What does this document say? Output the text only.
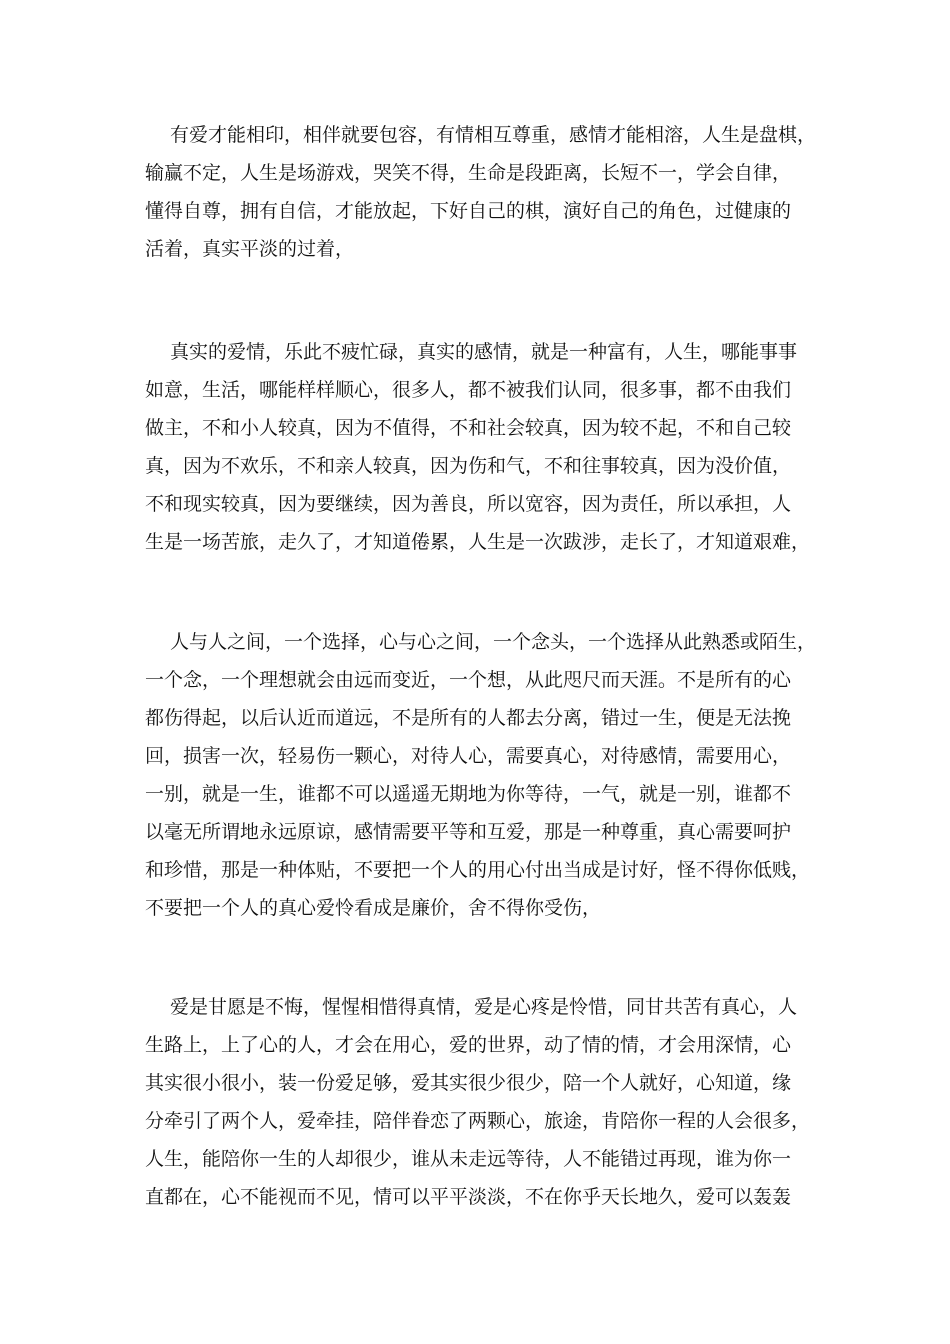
有爱才能相印，相伴就要包容，有情相互尊重，感情才能相溶，人生是盘棋，
输赢不定，人生是场游戏，哭笑不得，生命是段距离，长短不一，学会自律，
懂得自尊，拥有自信，才能放起，下好自己的棋，演好自己的角色，过健康的
活着，真实平淡的过着，
真实的爱情，乐此不疲忙碌，真实的感情，就是一种富有，人生，哪能事事
如意，生活，哪能样样顺心，很多人，都不被我们认同，很多事，都不由我们
做主，不和小人较真，因为不值得，不和社会较真，因为较不起，不和自己较
真，因为不欢乐，不和亲人较真，因为伤和气，不和往事较真，因为没价值，
不和现实较真，因为要继续，因为善良，所以宽容，因为责任，所以承担，人
生是一场苦旅，走久了，才知道倦累，人生是一次跋涉，走长了，才知道艰难，
人与人之间，一个选择，心与心之间，一个念头，一个选择从此熟悉或陌生，
一个念，一个理想就会由远而变近，一个想，从此咫尺而天涯。不是所有的心
都伤得起，以后认近而道远，不是所有的人都去分离，错过一生，便是无法挽
回，损害一次，轻易伤一颗心，对待人心，需要真心，对待感情，需要用心，
一别，就是一生，谁都不可以遥遥无期地为你等待，一气，就是一别，谁都不
以毫无所谓地永远原谅，感情需要平等和互爱，那是一种尊重，真心需要呵护
和珍惜，那是一种体贴，不要把一个人的用心付出当成是讨好，怪不得你低贱，
不要把一个人的真心爱怜看成是廉价，舍不得你受伤，
爱是甘愿是不悔，惺惺相惜得真情，爱是心疼是怜惜，同甘共苦有真心，人
生路上，上了心的人，才会在用心，爱的世界，动了情的情，才会用深情，心
其实很小很小，装一份爱足够，爱其实很少很少，陪一个人就好，心知道，缘
分牵引了两个人，爱牵挂，陪伴眷恋了两颗心，旅途，肯陪你一程的人会很多，
人生，能陪你一生的人却很少，谁从未走远等待，人不能错过再现，谁为你一
直都在，心不能视而不见，情可以平平淡淡，不在你乎天长地久，爱可以轰轰
